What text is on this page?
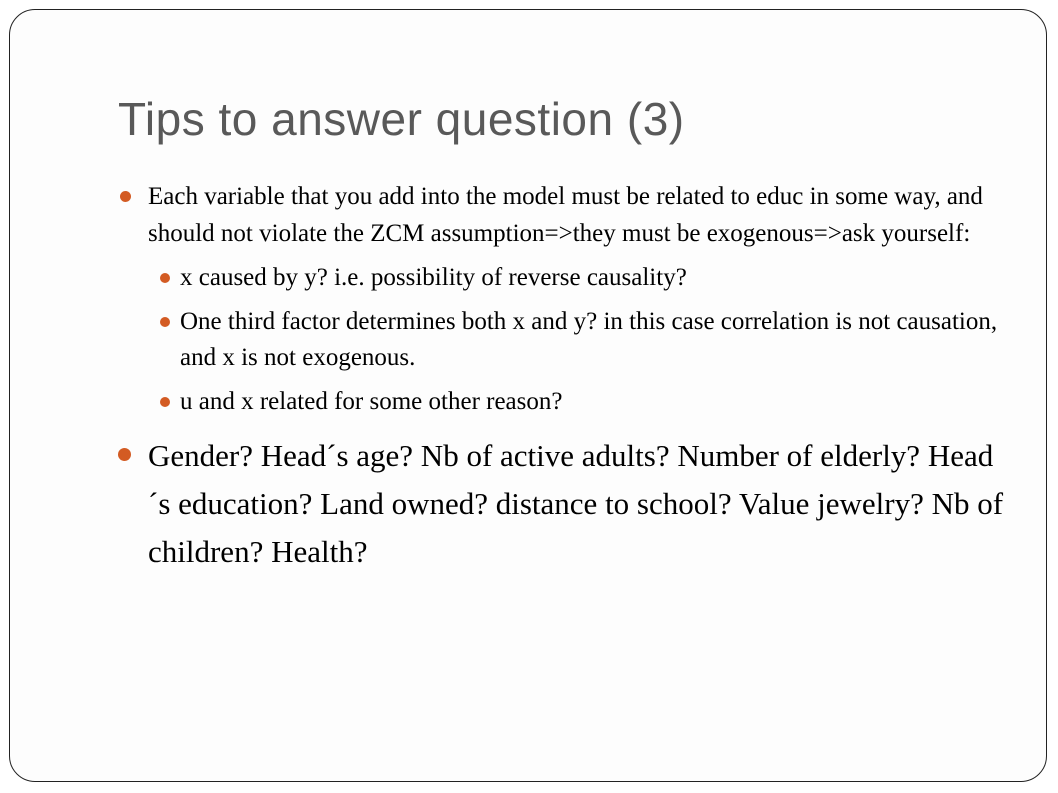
Tips to answer question (3)

Each variable that you add into the model must be related to educ in some way, and should not violate the ZCM assumption=>they must be exogenous=>ask yourself:

x caused by y? i.e. possibility of reverse causality?

One third factor determines both x and y? in this case correlation is not causation, and x is not exogenous.

u and x related for some other reason?

Gender? Head´s age? Nb of active adults? Number of elderly? Head´s education? Land owned? distance to school? Value jewelry? Nb of children? Health?
